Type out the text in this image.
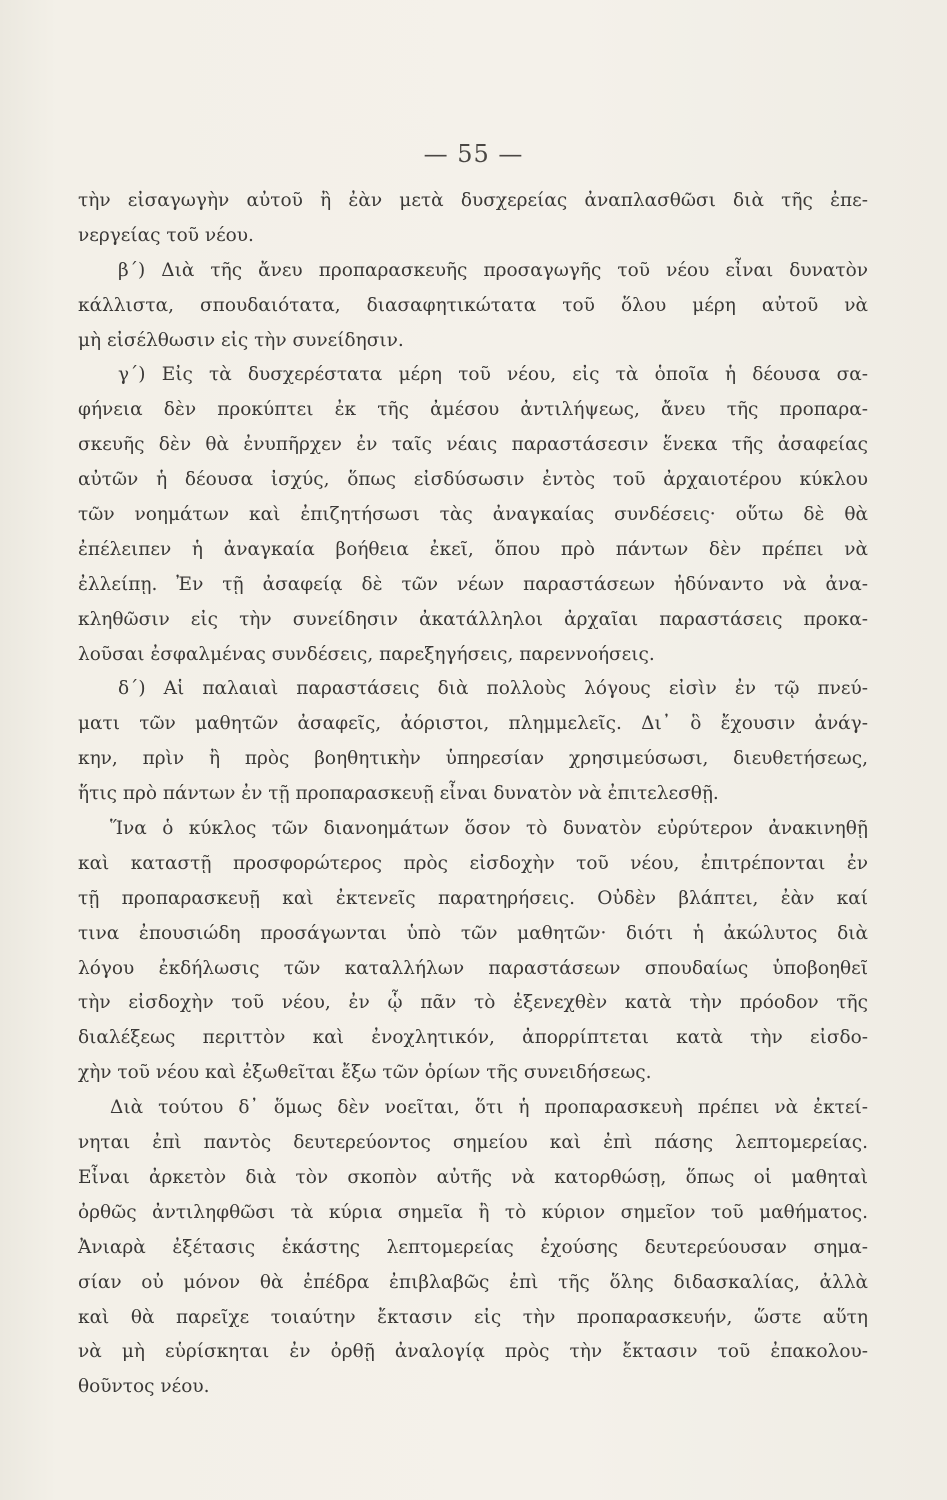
— 55 —
τὴν εἰσαγωγὴν αὐτοῦ ἢ ἐὰν μετὰ δυσχερείας ἀναπλασθῶσι διὰ τῆς ἐπε-
νεργείας τοῦ νέου.
β΄) Διὰ τῆς ἄνευ προπαρασκευῆς προσαγωγῆς τοῦ νέου εἶναι δυνατὸν
κάλλιστα, σπουδαιότατα, διασαφητικώτατα τοῦ ὅλου μέρη αὐτοῦ νὰ
μὴ εἰσέλθωσιν εἰς τὴν συνείδησιν.
γ΄) Εἰς τὰ δυσχερέστατα μέρη τοῦ νέου, εἰς τὰ ὁποῖα ἡ δέουσα σα-
φήνεια δὲν προκύπτει ἐκ τῆς ἀμέσου ἀντιλήψεως, ἄνευ τῆς προπαρα-
σκευῆς δὲν θὰ ἐνυπῆρχεν ἐν ταῖς νέαις παραστάσεσιν ἕνεκα τῆς ἀσαφείας
αὐτῶν ἡ δέουσα ἰσχύς, ὅπως εἰσδύσωσιν ἐντὸς τοῦ ἀρχαιοτέρου κύκλου
τῶν νοημάτων καὶ ἐπιζητήσωσι τὰς ἀναγκαίας συνδέσεις· οὕτω δὲ θὰ
ἐπέλειπεν ἡ ἀναγκαία βοήθεια ἐκεῖ, ὅπου πρὸ πάντων δὲν πρέπει νὰ
ἐλλείπῃ. Ἐν τῇ ἀσαφείᾳ δὲ τῶν νέων παραστάσεων ἠδύναντο νὰ ἀνα-
κληθῶσιν εἰς τὴν συνείδησιν ἀκατάλληλοι ἀρχαῖαι παραστάσεις προκα-
λοῦσαι ἐσφαλμένας συνδέσεις, παρεξηγήσεις, παρεννοήσεις.
δ΄) Αἱ παλαιαὶ παραστάσεις διὰ πολλοὺς λόγους εἰσὶν ἐν τῷ πνεύ-
ματι τῶν μαθητῶν ἀσαφεῖς, ἀόριστοι, πλημμελεῖς. Δι᾿ ὃ ἔχουσιν ἀνάγ-
κην, πρὶν ἢ πρὸς βοηθητικὴν ὑπηρεσίαν χρησιμεύσωσι, διευθετήσεως,
ἥτις πρὸ πάντων ἐν τῇ προπαρασκευῇ εἶναι δυνατὸν νὰ ἐπιτελεσθῇ.
Ἵνα ὁ κύκλος τῶν διανοημάτων ὅσον τὸ δυνατὸν εὐρύτερον ἀνακινηθῇ
καὶ καταστῇ προσφορώτερος πρὸς εἰσδοχὴν τοῦ νέου, ἐπιτρέπονται ἐν
τῇ προπαρασκευῇ καὶ ἐκτενεῖς παρατηρήσεις. Οὐδὲν βλάπτει, ἐὰν καί
τινα ἐπουσιώδη προσάγωνται ὑπὸ τῶν μαθητῶν· διότι ἡ ἀκώλυτος διὰ
λόγου ἐκδήλωσις τῶν καταλλήλων παραστάσεων σπουδαίως ὑποβοηθεῖ
τὴν εἰσδοχὴν τοῦ νέου, ἐν ᾧ πᾶν τὸ ἐξενεχθὲν κατὰ τὴν πρόοδον τῆς
διαλέξεως περιττὸν καὶ ἐνοχλητικόν, ἀπορρίπτεται κατὰ τὴν εἰσδο-
χὴν τοῦ νέου καὶ ἐξωθεῖται ἔξω τῶν ὁρίων τῆς συνειδήσεως.
Διὰ τούτου δ᾿ ὅμως δὲν νοεῖται, ὅτι ἡ προπαρασκευὴ πρέπει νὰ ἐκτεί-
νηται ἐπὶ παντὸς δευτερεύοντος σημείου καὶ ἐπὶ πάσης λεπτομερείας.
Εἶναι ἀρκετὸν διὰ τὸν σκοπὸν αὐτῆς νὰ κατορθώσῃ, ὅπως οἱ μαθηταὶ
ὀρθῶς ἀντιληφθῶσι τὰ κύρια σημεῖα ἢ τὸ κύριον σημεῖον τοῦ μαθήματος.
Ἀνιαρὰ ἐξέτασις ἑκάστης λεπτομερείας ἐχούσης δευτερεύουσαν σημα-
σίαν οὐ μόνον θὰ ἐπέδρα ἐπιβλαβῶς ἐπὶ τῆς ὅλης διδασκαλίας, ἀλλὰ
καὶ θὰ παρεῖχε τοιαύτην ἔκτασιν εἰς τὴν προπαρασκευήν, ὥστε αὕτη
νὰ μὴ εὑρίσκηται ἐν ὀρθῇ ἀναλογίᾳ πρὸς τὴν ἔκτασιν τοῦ ἐπακολου-
θοῦντος νέου.
